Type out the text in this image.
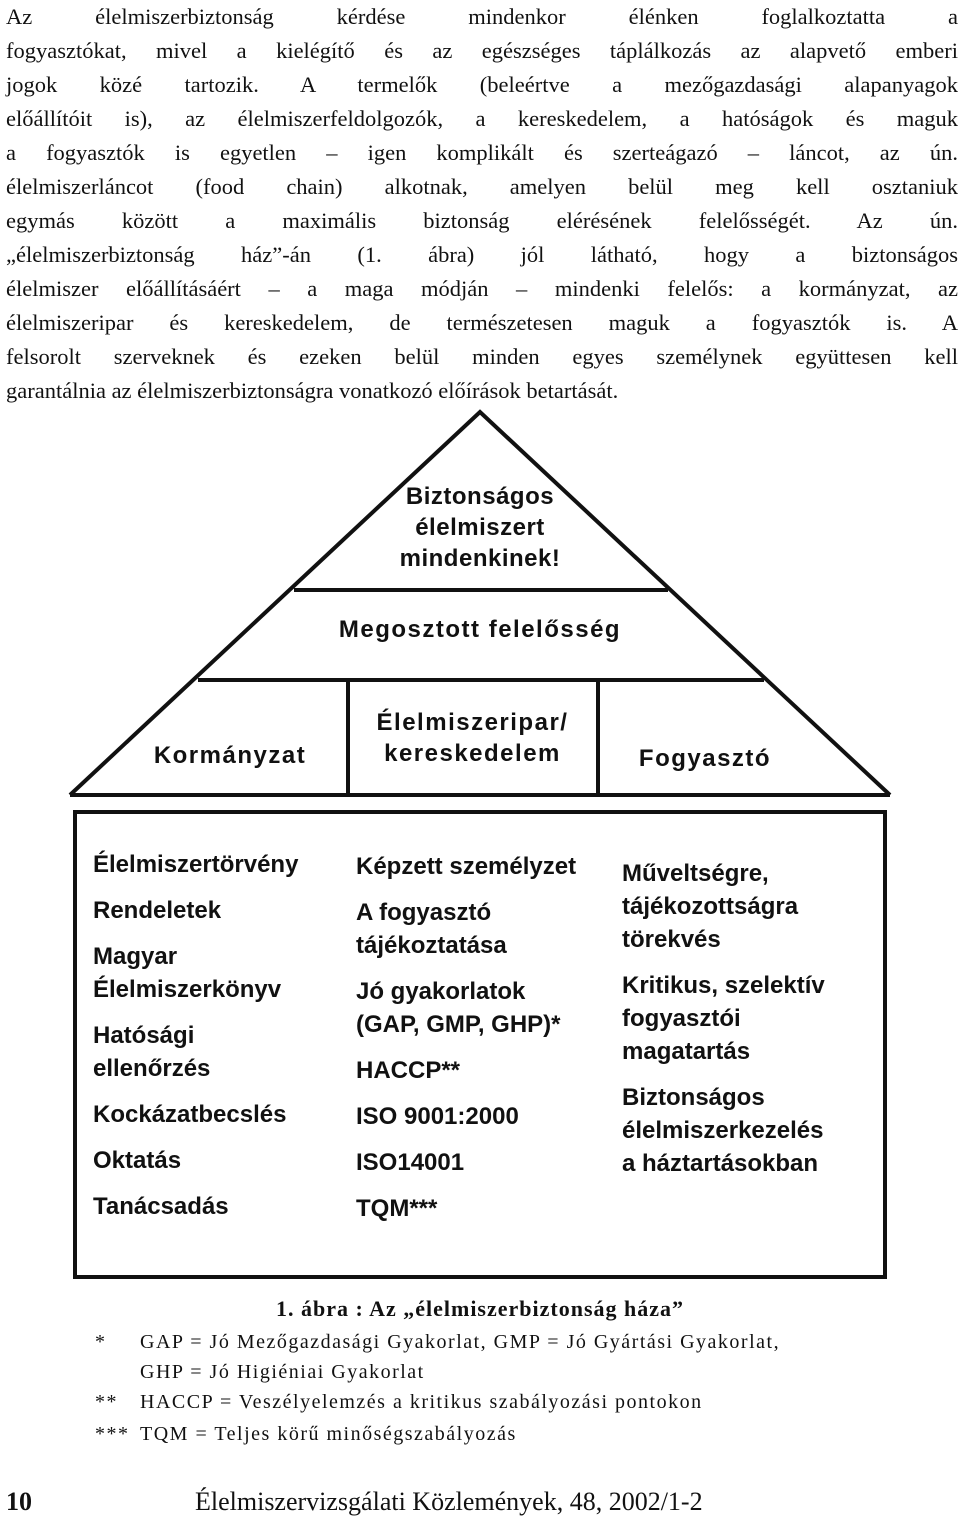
Az élelmiszerbiztonság kérdése mindenkor élénken foglalkoztatta a
fogyasztókat, mivel a kielégítő és az egészséges táplálkozás az alapvető emberi
jogok közé tartozik. A termelők (beleértve a mezőgazdasági alapanyagok
előállítóit is), az élelmiszerfeldolgozók, a kereskedelem, a hatóságok és maguk
a fogyasztók is egyetlen – igen komplikált és szerteágazó – láncot, az ún.
élelmiszerláncot (food chain) alkotnak, amelyen belül meg kell osztaniuk
egymás között a maximális biztonság elérésének felelősségét. Az ún.
„élelmiszerbiztonság ház”-án (1. ábra) jól látható, hogy a biztonságos
élelmiszer előállításáért – a maga módján – mindenki felelős: a kormányzat, az
élelmiszeripar és kereskedelem, de természetesen maguk a fogyasztók is. A
felsorolt szerveknek és ezeken belül minden egyes személynek együttesen kell
garantálnia az élelmiszerbiztonságra vonatkozó előírások betartását.
Biztonságos
élelmiszert
mindenkinek!
Megosztott felelősség
Kormányzat
Élelmiszeripar/
kereskedelem	Fogyasztó
Élelmiszertörvény
Rendeletek
Magyar
Élelmiszerkönyv
Hatósági
ellenőrzés
Kockázatbecslés
Oktatás
Tanácsadás
Képzett személyzet
A fogyasztó
tájékoztatása
Jó gyakorlatok
(GAP, GMP, GHP)*
HACCP**
ISO 9001:2000
ISO14001
TQM***
Műveltségre,
tájékozottságra
törekvés
Kritikus, szelektív
fogyasztói
magatartás
Biztonságos
élelmiszerkezelés
a háztartásokban
1. ábra : Az „élelmiszerbiztonság háza”
* GAP = Jó Mezőgazdasági Gyakorlat, GMP = Jó Gyártási Gyakorlat,
GHP = Jó Higiéniai Gyakorlat
** HACCP = Veszélyelemzés a kritikus szabályozási pontokon
*** TQM = Teljes körű minőségszabályozás
10	Élelmiszervizsgálati Közlemények, 48, 2002/1-2
